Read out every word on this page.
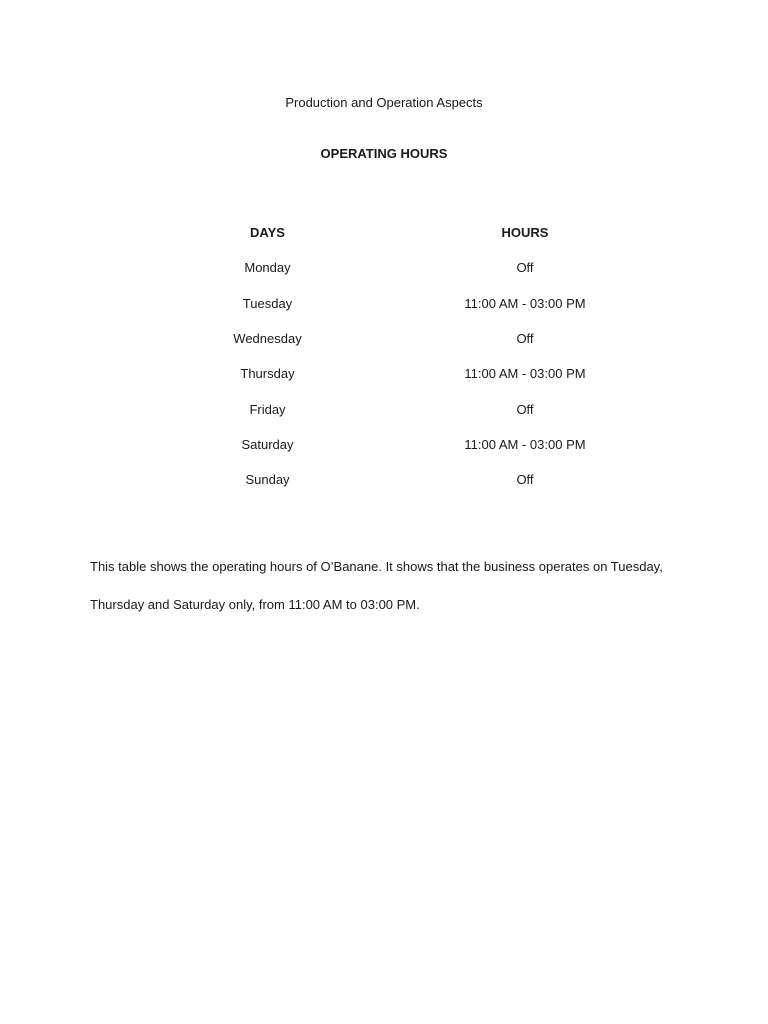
Production and Operation Aspects
OPERATING HOURS
DAYS	HOURS
Monday	Off
Tuesday	11:00 AM - 03:00 PM
Wednesday	Off
Thursday	11:00 AM - 03:00 PM
Friday	Off
Saturday	11:00 AM - 03:00 PM
Sunday	Off

This table shows the operating hours of O’Banane. It shows that the business operates on Tuesday, Thursday and Saturday only, from 11:00 AM to 03:00 PM.
